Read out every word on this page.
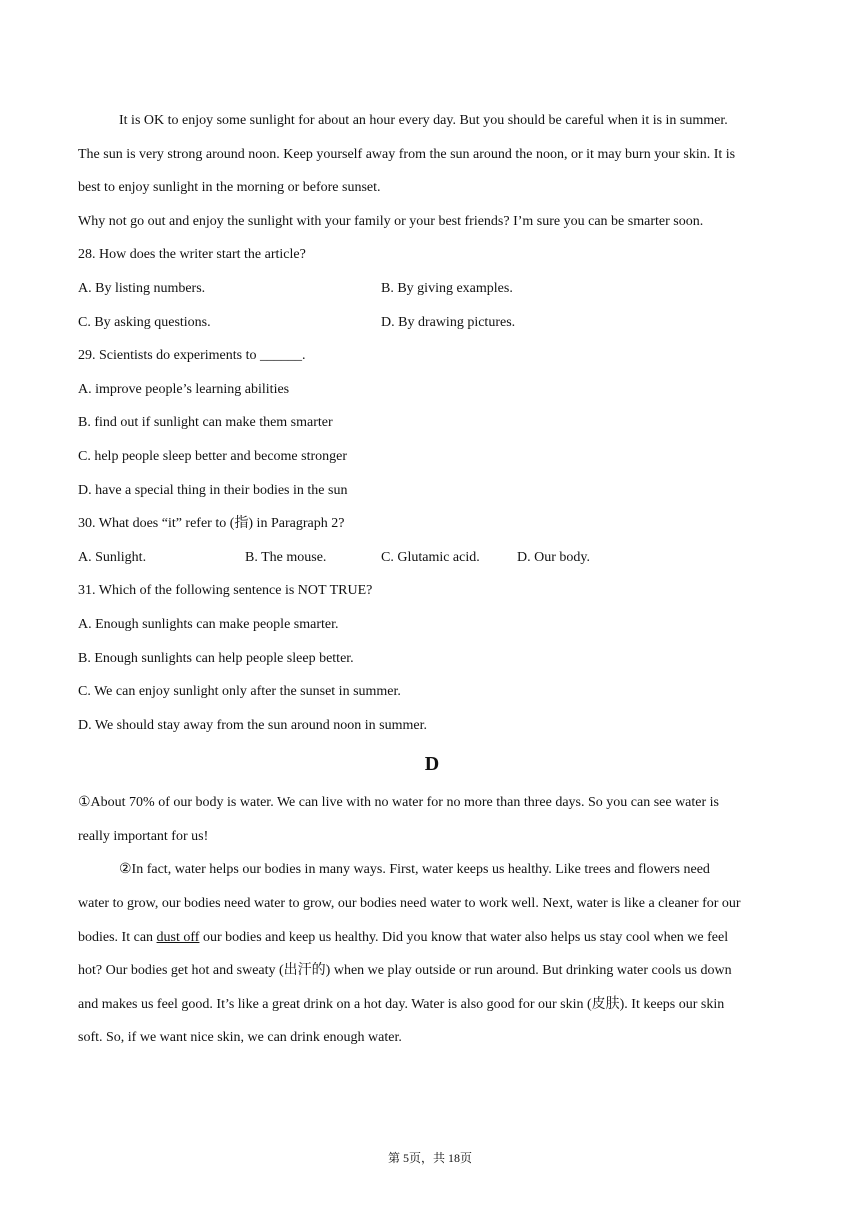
It is OK to enjoy some sunlight for about an hour every day. But you should be careful when it is in summer.
The sun is very strong around noon. Keep yourself away from the sun around the noon, or it may burn your skin. It is
best to enjoy sunlight in the morning or before sunset.
Why not go out and enjoy the sunlight with your family or your best friends? I’m sure you can be smarter soon.
28. How does the writer start the article?
A. By listing numbers.	B. By giving examples.
C. By asking questions.	D. By drawing pictures.
29. Scientists do experiments to ______.
A. improve people’s learning abilities
B. find out if sunlight can make them smarter
C. help people sleep better and become stronger
D. have a special thing in their bodies in the sun
30. What does “it” refer to (指) in Paragraph 2?
A. Sunlight.	B. The mouse.	C. Glutamic acid.	D. Our body.
31. Which of the following sentence is NOT TRUE?
A. Enough sunlights can make people smarter.
B. Enough sunlights can help people sleep better.
C. We can enjoy sunlight only after the sunset in summer.
D. We should stay away from the sun around noon in summer.
D
①About 70% of our body is water. We can live with no water for no more than three days. So you can see water is
really important for us!
②In fact, water helps our bodies in many ways. First, water keeps us healthy. Like trees and flowers need
water to grow, our bodies need water to grow, our bodies need water to work well. Next, water is like a cleaner for our
bodies. It can dust off our bodies and keep us healthy. Did you know that water also helps us stay cool when we feel
hot? Our bodies get hot and sweaty (出汗的) when we play outside or run around. But drinking water cools us down
and makes us feel good. It’s like a great drink on a hot day. Water is also good for our skin (皮肤). It keeps our skin
soft. So, if we want nice skin, we can drink enough water.
第 5页，共 18页
